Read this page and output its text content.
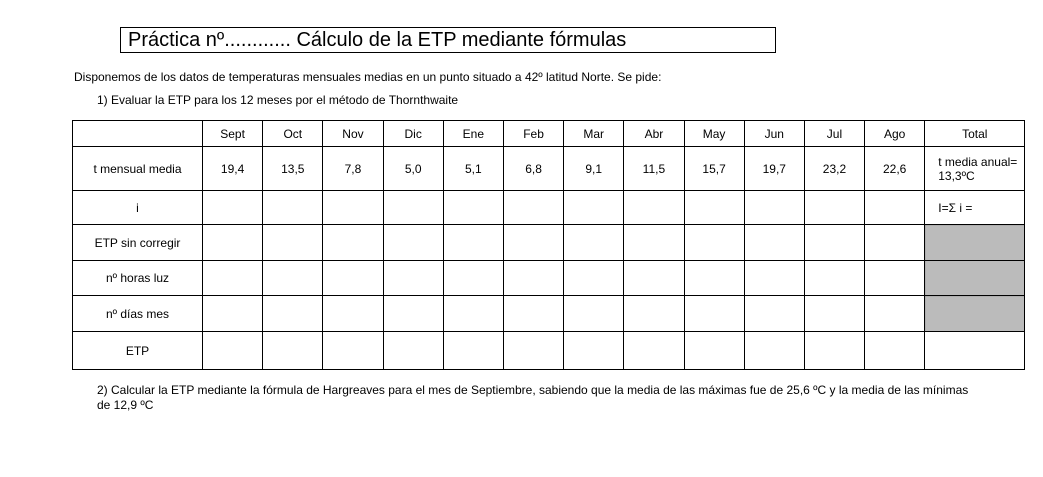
Práctica nº............ Cálculo de la ETP mediante fórmulas
Disponemos de los datos de temperaturas mensuales medias en un punto situado a 42º latitud Norte. Se pide:
1) Evaluar la ETP para los 12 meses por el método de Thornthwaite
	Sept	Oct	Nov	Dic	Ene	Feb	Mar	Abr	May	Jun	Jul	Ago	Total
t mensual media	19,4	13,5	7,8	5,0	5,1	6,8	9,1	11,5	15,7	19,7	23,2	22,6	t media anual=
13,3ºC

i													I=Σ i =
ETP sin corregir													
nº horas luz													
nº días mes													
ETP													
2) Calcular la ETP mediante la fórmula de Hargreaves para el mes de Septiembre, sabiendo que la media de las máximas fue de 25,6 ºC y la media de las mínimas de 12,9 ºC
